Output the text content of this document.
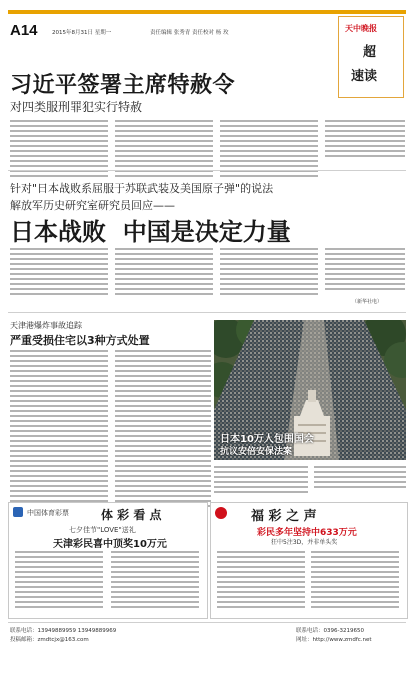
A14	2015年8月31日 星期一	责任编辑 张秀青 责任校对 杨 玫	天中晚报
超
速读
习近平签署主席特赦令
对四类服刑罪犯实行特赦
针对"日本战败系屈服于苏联武装及美国原子弹"的说法
解放军历史研究室研究员回应——
日本战败  中国是决定力量
（新华社电）
天津港爆炸事故追踪
严重受损住宅以3种方式处置
日本10万人包围国会
抗议安倍安保法案
中国体育彩票	体 彩 看 点
七夕佳节"LOVE"送礼
天津彩民喜中顶奖10万元
福 彩 之 声
彩民多年坚持中633万元
狂中5注3D，并非单头奖
联系电话：13949889959 13949889969
投稿邮箱：zmdtcjx@163.com
联系电话：0396-3219650
网址：http://www.zmdfc.net
